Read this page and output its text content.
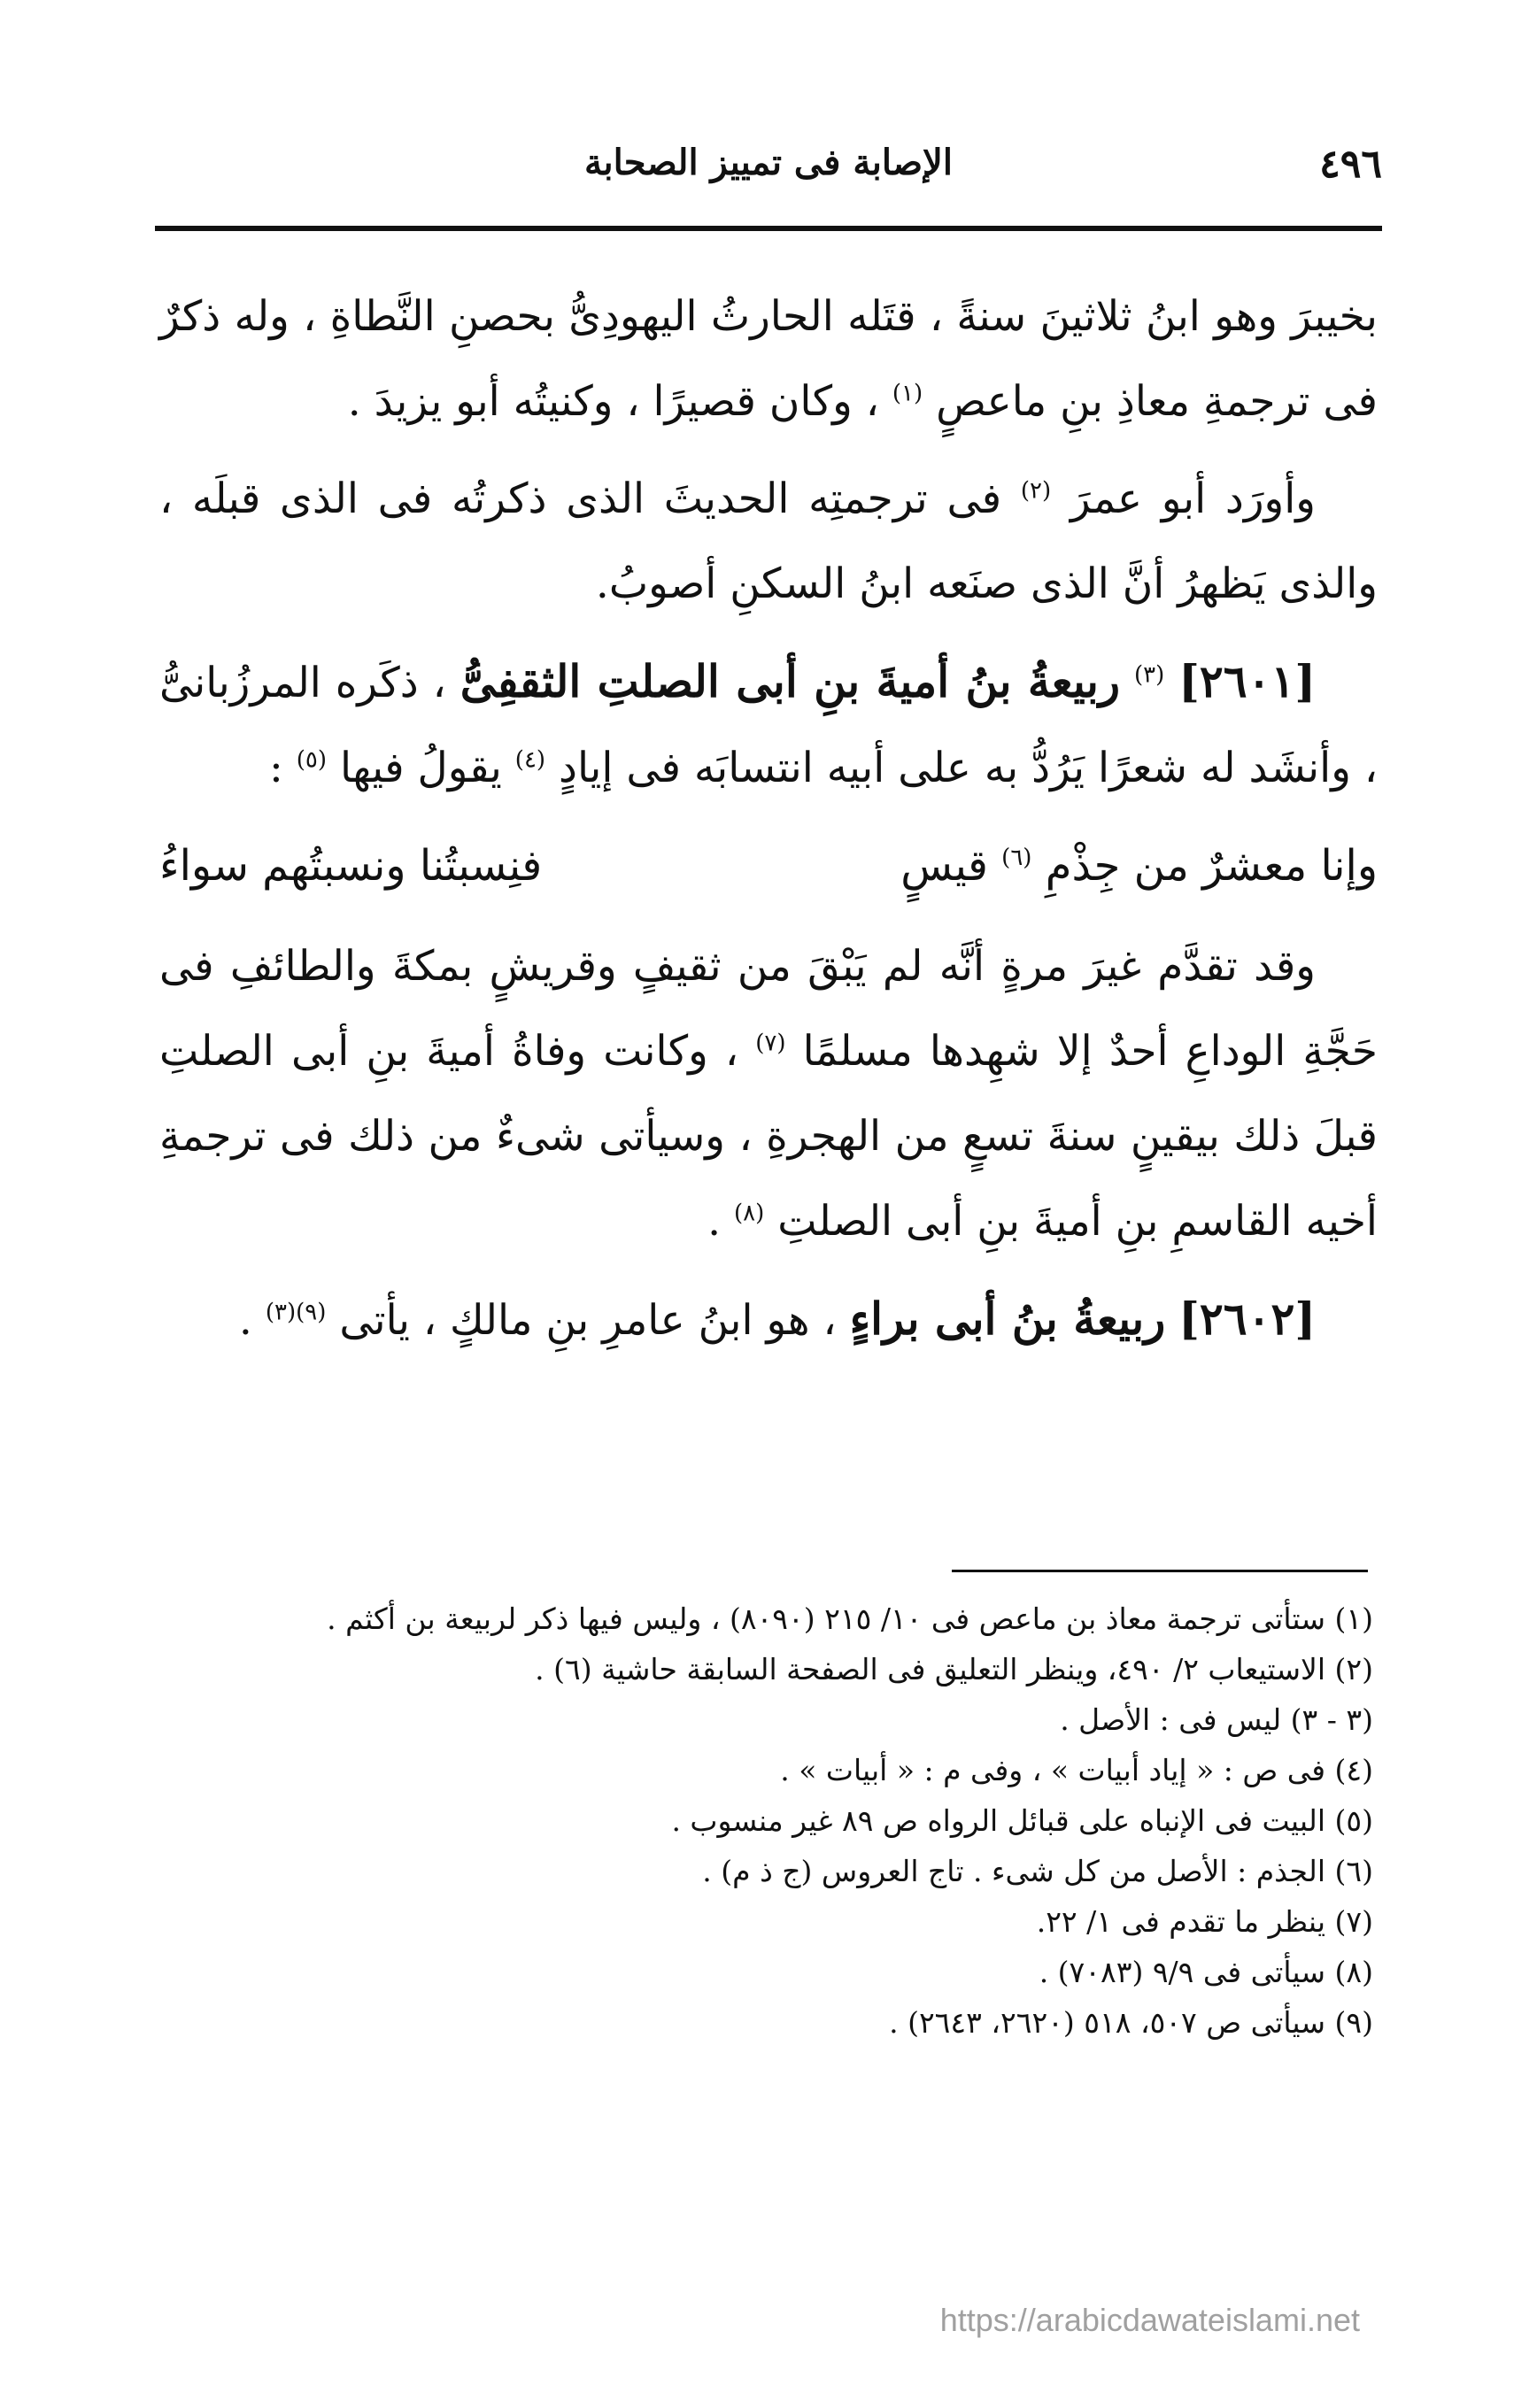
٤٩٦
الإصابة فى تمييز الصحابة

بخيبرَ وهو ابنُ ثلاثينَ سنةً ، قتَله الحارثُ اليهودِىُّ بحصنِ النَّطاةِ ، وله ذكرٌ فى ترجمةِ معاذِ بنِ ماعصٍ $^{(١)}$ ، وكان قصيرًا ، وكنيتُه أبو يزيدَ .

وأورَد أبو عمرَ $^{(٢)}$ فى ترجمتِه الحديثَ الذى ذكرتُه فى الذى قبلَه ، والذى يَظهرُ أنَّ الذى صنَعه ابنُ السكنِ أصوبُ.

[٢٦٠١] $^{(٣)}$ ربيعةُ بنُ أميةَ بنِ أبى الصلتِ الثقفِىُّ ، ذكَره المرزُبانىُّ ، وأنشَد له شعرًا يَرُدُّ به على أبيه انتسابَه فى إيادٍ $^{(٤)}$ يقولُ فيها $^{(٥)}$ :

وإنا معشرٌ من جِذْمِ $^{(٦)}$ قيسٍ
فنِسبتُنا ونسبتُهم سواءُ

وقد تقدَّم غيرَ مرةٍ أنَّه لم يَبْقَ من ثقيفٍ وقريشٍ بمكةَ والطائفِ فى حَجَّةِ الوداعِ أحدٌ إلا شهِدها مسلمًا $^{(٧)}$ ، وكانت وفاةُ أميةَ بنِ أبى الصلتِ قبلَ ذلك بيقينٍ سنةَ تسعٍ من الهجرةِ ، وسيأتى شىءٌ من ذلك فى ترجمةِ أخيه القاسمِ بنِ أميةَ بنِ أبى الصلتِ $^{(٨)}$ .

[٢٦٠٢] ربيعةُ بنُ أبى براءٍ ، هو ابنُ عامرِ بنِ مالكٍ ، يأتى $^{(٩)(٣)}$ .

(١) ستأتى ترجمة معاذ بن ماعص فى ١٠/ ٢١٥ (٨٠٩٠) ، وليس فيها ذكر لربيعة بن أكثم .

(٢) الاستيعاب ٢/ ٤٩٠، وينظر التعليق فى الصفحة السابقة حاشية (٦) .

(٣ - ٣) ليس فى : الأصل .

(٤) فى ص : « إياد أبيات » ، وفى م : « أبيات » .

(٥) البيت فى الإنباه على قبائل الرواه ص ٨٩ غير منسوب .

(٦) الجذم : الأصل من كل شىء . تاج العروس (ج ذ م) .

(٧) ينظر ما تقدم فى ١/ ٢٢.

(٨) سيأتى فى ٩/٩ (٧٠٨٣) .

(٩) سيأتى ص ٥٠٧، ٥١٨ (٢٦٢٠، ٢٦٤٣) .

https://arabicdawateislami.net
